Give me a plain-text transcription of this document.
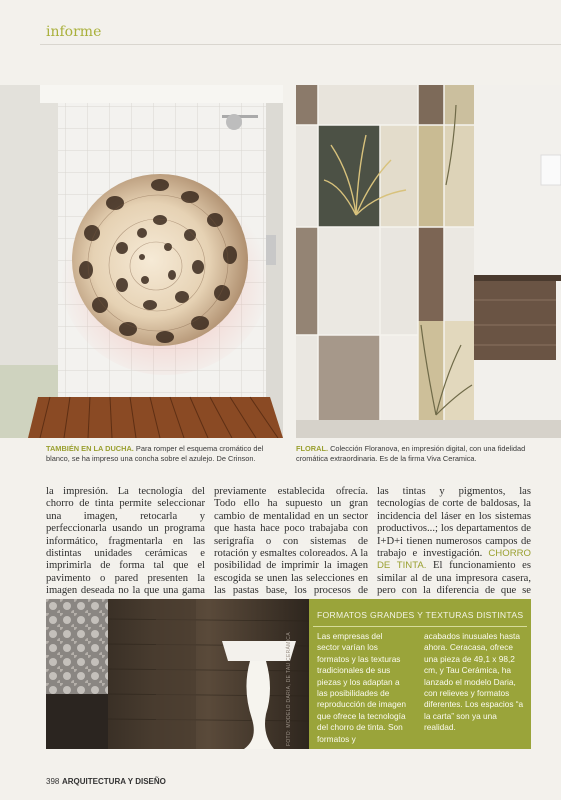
informe
TAMBIÉN EN LA DUCHA. Para romper el esquema cromático del blanco, se ha impreso una concha sobre el azulejo. De Crinson.
FLORAL. Colección Floranova, en impresión digital, con una fidelidad cromática extraordinaria. Es de la firma Viva Ceramica.
la impresión. La tecnología del chorro de tinta permite seleccionar una imagen, retocarla y perfeccionarla usando un programa informático, fragmentarla en las distintas unidades cerámicas e imprimirla de forma tal que el pavimento o pared presenten la imagen deseada no la que una gama
previamente establecida ofrecía. Todo ello ha supuesto un gran cambio de mentalidad en un sector que hasta hace poco trabajaba con serigrafía o con sistemas de rotación y esmaltes coloreados. A la posibilidad de imprimir la imagen escogida se unen las selecciones en las pastas base, los procesos de
las tintas y pigmentos, las tecnologías de corte de baldosas, la incidencia del láser en los sistemas productivos...; los departamentos de I+D+i tienen numerosos campos de trabajo e investigación. CHORRO DE TINTA. El funcionamiento es similar al de una impresora casera, pero con la diferencia de que se
FOTO: MODELO DARIA, DE TAU CERÁMICA
FORMATOS GRANDES Y TEXTURAS DISTINTAS
Las empresas del sector varían los formatos y las texturas tradicionales de sus piezas y los adaptan a las posibilidades de reproducción de imagen que ofrece la tecnología del chorro de tinta. Son formatos y
acabados inusuales hasta ahora. Ceracasa, ofrece una pieza de 49,1 x 98,2 cm, y Tau Cerámica, ha lanzado el modelo Daria, con relieves y formatos diferentes. Los espacios “a la carta” son ya una realidad.
398 ARQUITECTURA Y DISEÑO
